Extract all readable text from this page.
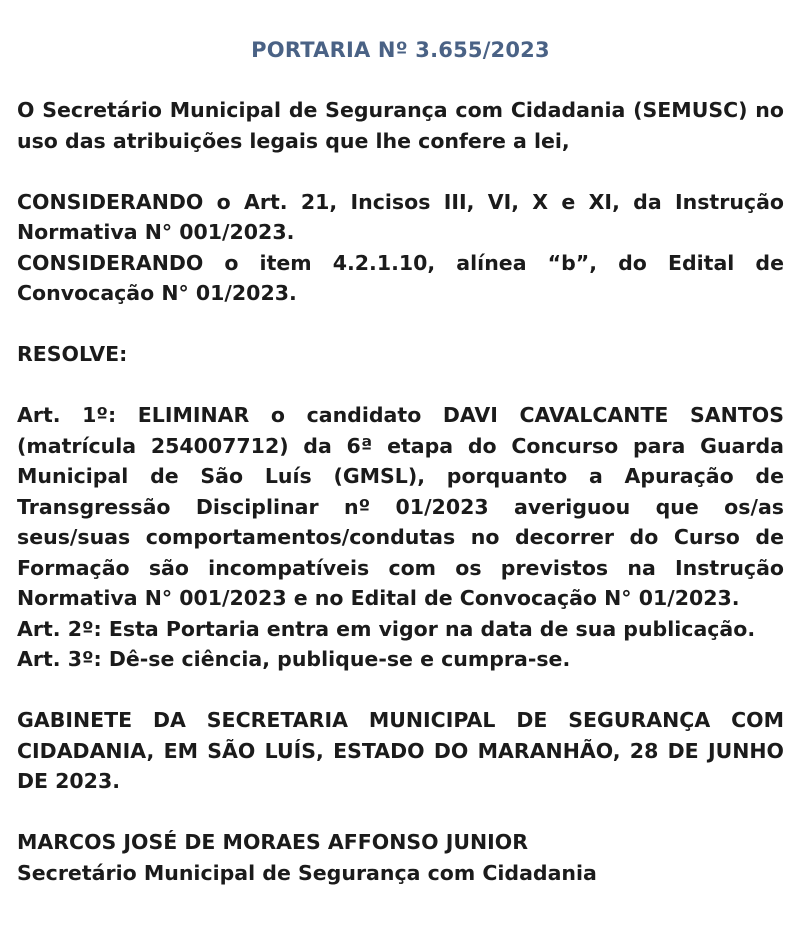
PORTARIA Nº 3.655/2023

O Secretário Municipal de Segurança com Cidadania (SEMUSC) no uso das atribuições legais que lhe confere a lei,

CONSIDERANDO o Art. 21, Incisos III, VI, X e XI, da Instrução Normativa N° 001/2023.

CONSIDERANDO o item 4.2.1.10, alínea “b”, do Edital de Convocação N° 01/2023.

RESOLVE:

Art. 1º: ELIMINAR o candidato DAVI CAVALCANTE SANTOS (matrícula 254007712) da 6ª etapa do Concurso para Guarda Municipal de São Luís (GMSL), porquanto a Apuração de Transgressão Disciplinar nº 01/2023 averiguou que os/as seus/suas comportamentos/condutas no decorrer do Curso de Formação são incompatíveis com os previstos na Instrução Normativa N° 001/2023 e no Edital de Convocação N° 01/2023.

Art. 2º: Esta Portaria entra em vigor na data de sua publicação.

Art. 3º: Dê-se ciência, publique-se e cumpra-se.

GABINETE DA SECRETARIA MUNICIPAL DE SEGURANÇA COM CIDADANIA, EM SÃO LUÍS, ESTADO DO MARANHÃO, 28 DE JUNHO DE 2023.

MARCOS JOSÉ DE MORAES AFFONSO JUNIOR

Secretário Municipal de Segurança com Cidadania
